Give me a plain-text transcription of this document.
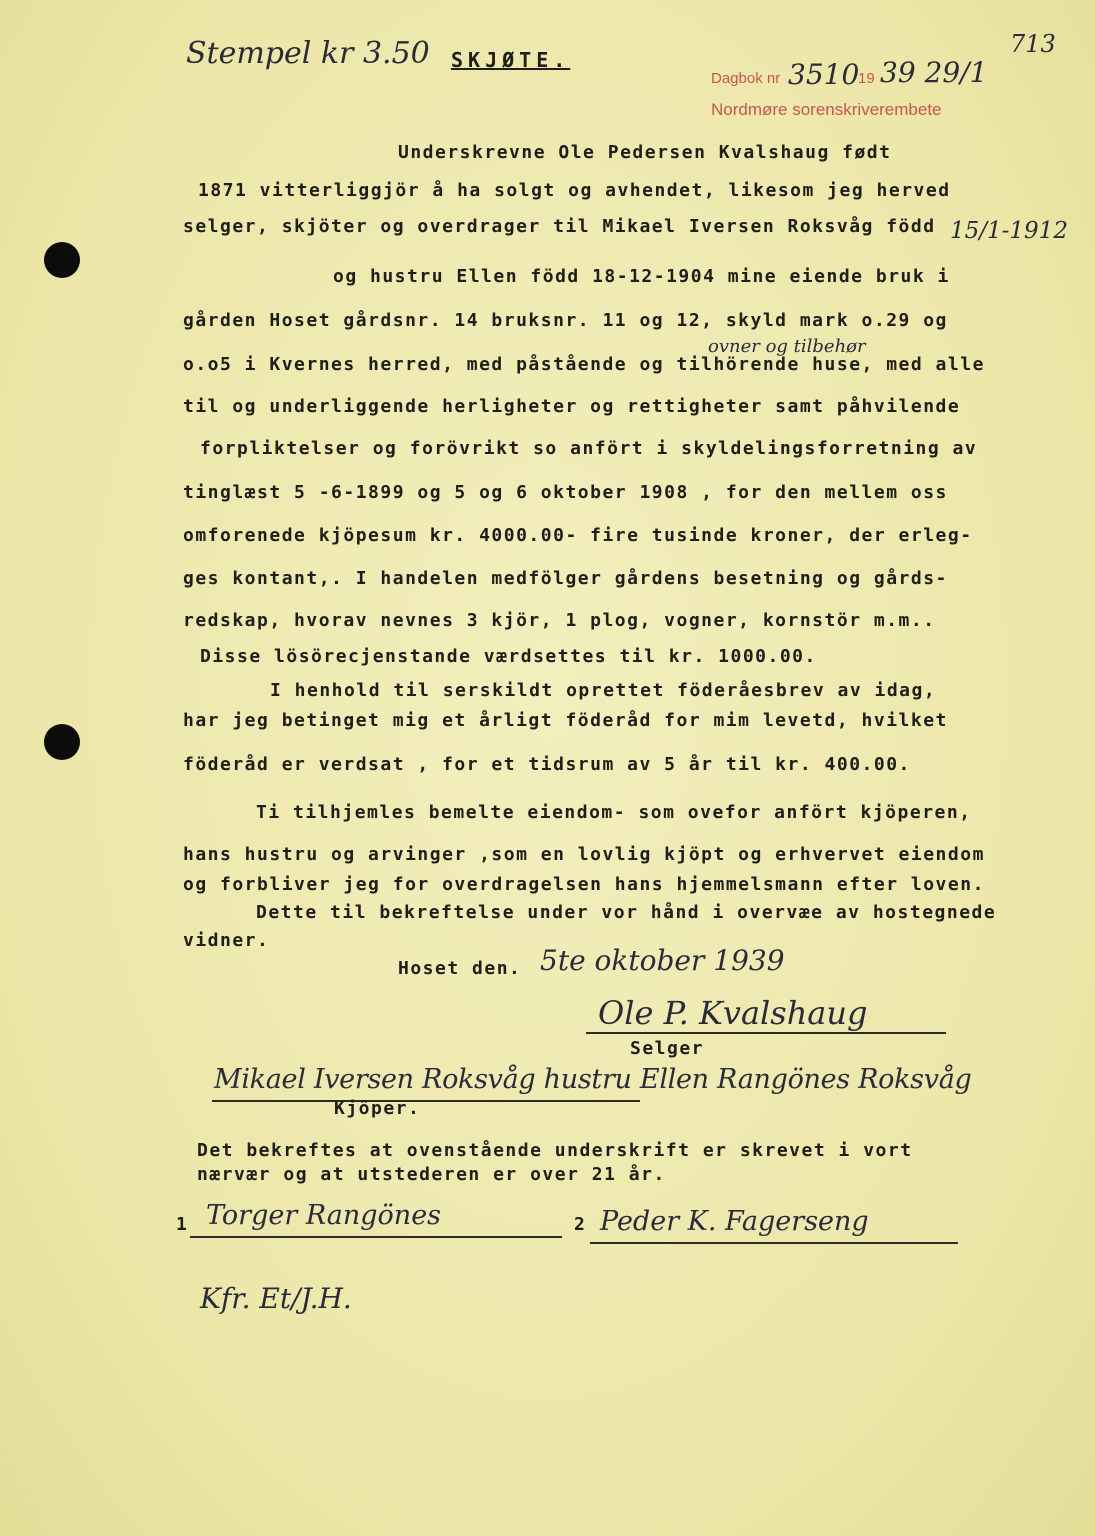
Stempel kr 3.50 SKJØTE.
713
Dagbok nr 3510
19 39 29/1
Nordmøre sorenskriverembete
Underskrevne Ole Pedersen Kvalshaug født
1871 vitterliggjör å ha solgt og avhendet, likesom jeg herved
selger, skjöter og overdrager til Mikael Iversen Roksvåg född 15/1-1912
og hustru Ellen född 18-12-1904 mine eiende bruk i
gården Hoset gårdsnr. 14 bruksnr. 11 og 12, skyld mark o.29 og
ovner og tilbehør
o.o5 i Kvernes herred, med påstående og tilhörende huse, med alle
til og underliggende herligheter og rettigheter samt påhvilende
forpliktelser og forövrikt so anfört i skyldelingsforretning av
tinglæst 5 -6-1899 og 5 og 6 oktober 1908 , for den mellem oss
omforenede kjöpesum kr. 4000.00- fire tusinde kroner, der erleg-
ges kontant,. I handelen medfölger gårdens besetning og gårds-
redskap, hvorav nevnes 3 kjör, 1 plog, vogner, kornstör m.m..
Disse lösörecjenstande værdsettes til kr. 1000.00.
I henhold til serskildt oprettet föderåesbrev av idag,
har jeg betinget mig et årligt föderåd for mim levetd, hvilket
föderåd er verdsat , for et tidsrum av 5 år til kr. 400.00.
Ti tilhjemles bemelte eiendom- som ovefor anfört kjöperen,
hans hustru og arvinger ,som en lovlig kjöpt og erhvervet eiendom
og forbliver jeg for overdragelsen hans hjemmelsmann efter loven.
Dette til bekreftelse under vor hånd i overvæe av hostegnede
vidner.
Hoset den. 5te oktober 1939
Ole P. Kvalshaug
Selger
Mikael Iversen Roksvåg hustru Ellen Rangönes Roksvåg
Kjöper.
Det bekreftes at ovenstående underskrift er skrevet i vort
nærvær og at utstederen er over 21 år.
1 Torger Rangönes	2 Peder K. Fagerseng
Kfr. Et/J.H.
